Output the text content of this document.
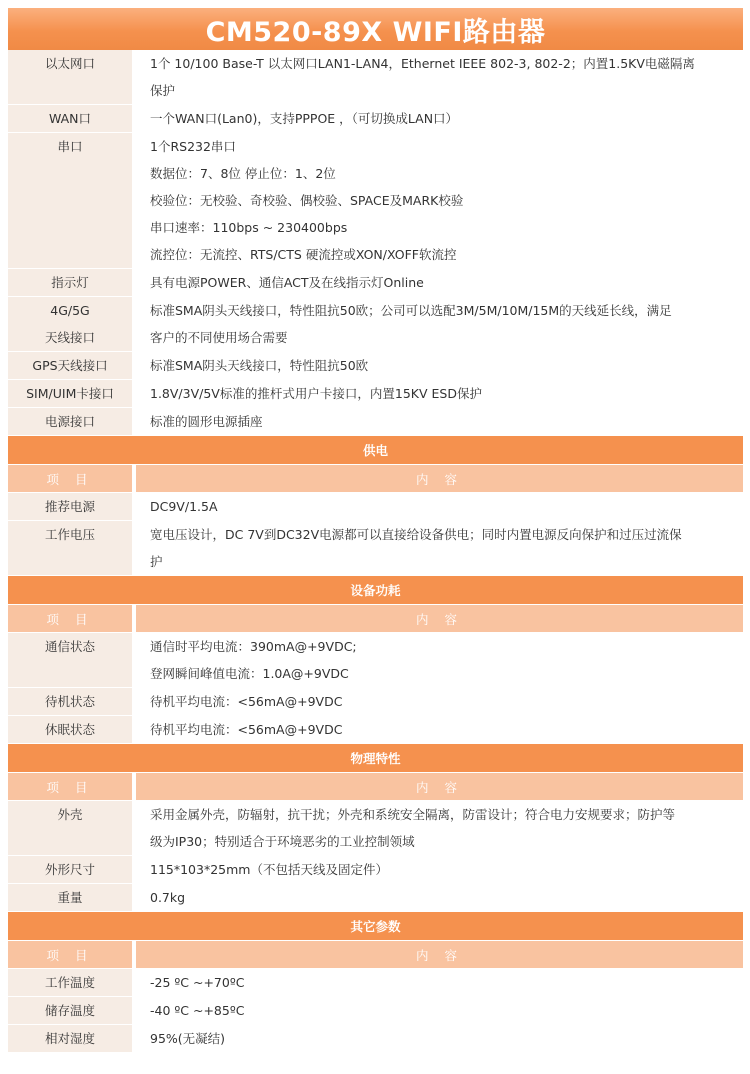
CM520-89X WIFI路由器
以太网口	1个 10/100 Base-T 以太网口LAN1-LAN4，Ethernet IEEE 802-3, 802-2；内置1.5KV电磁隔离
保护

WAN口	一个WAN口(Lan0)，支持PPPOE ，（可切换成LAN口）

串口	1个RS232串口
数据位：7、8位 停止位：1、2位
校验位：无校验、奇校验、偶校验、SPACE及MARK校验
串口速率：110bps ~ 230400bps
流控位：无流控、RTS/CTS 硬流控或XON/XOFF软流控

指示灯	具有电源POWER、通信ACT及在线指示灯Online

4G/5G
天线接口	标准SMA阴头天线接口，特性阻抗50欧；公司可以选配3M/5M/10M/15M的天线延长线，满足
客户的不同使用场合需要

GPS天线接口	标准SMA阴头天线接口，特性阻抗50欧

SIM/UIM卡接口	1.8V/3V/5V标准的推杆式用户卡接口，内置15KV ESD保护

电源接口	标准的圆形电源插座

供电	
项 目	内 容

推荐电源	DC9V/1.5A

工作电压	宽电压设计，DC 7V到DC32V电源都可以直接给设备供电；同时内置电源反向保护和过压过流保
护

设备功耗	
项 目	内 容

通信状态	通信时平均电流：390mA@+9VDC;
登网瞬间峰值电流：1.0A@+9VDC

待机状态	待机平均电流：<56mA@+9VDC

休眠状态	待机平均电流：<56mA@+9VDC

物理特性	
项 目	内 容

外壳	采用金属外壳，防辐射，抗干扰；外壳和系统安全隔离，防雷设计；符合电力安规要求；防护等
级为IP30；特别适合于环境恶劣的工业控制领域

外形尺寸	115*103*25mm（不包括天线及固定件）

重量	0.7kg

其它参数	
项 目	内 容

工作温度	-25 ºC ~+70ºC

储存温度	-40 ºC ~+85ºC

相对湿度	95%(无凝结)
